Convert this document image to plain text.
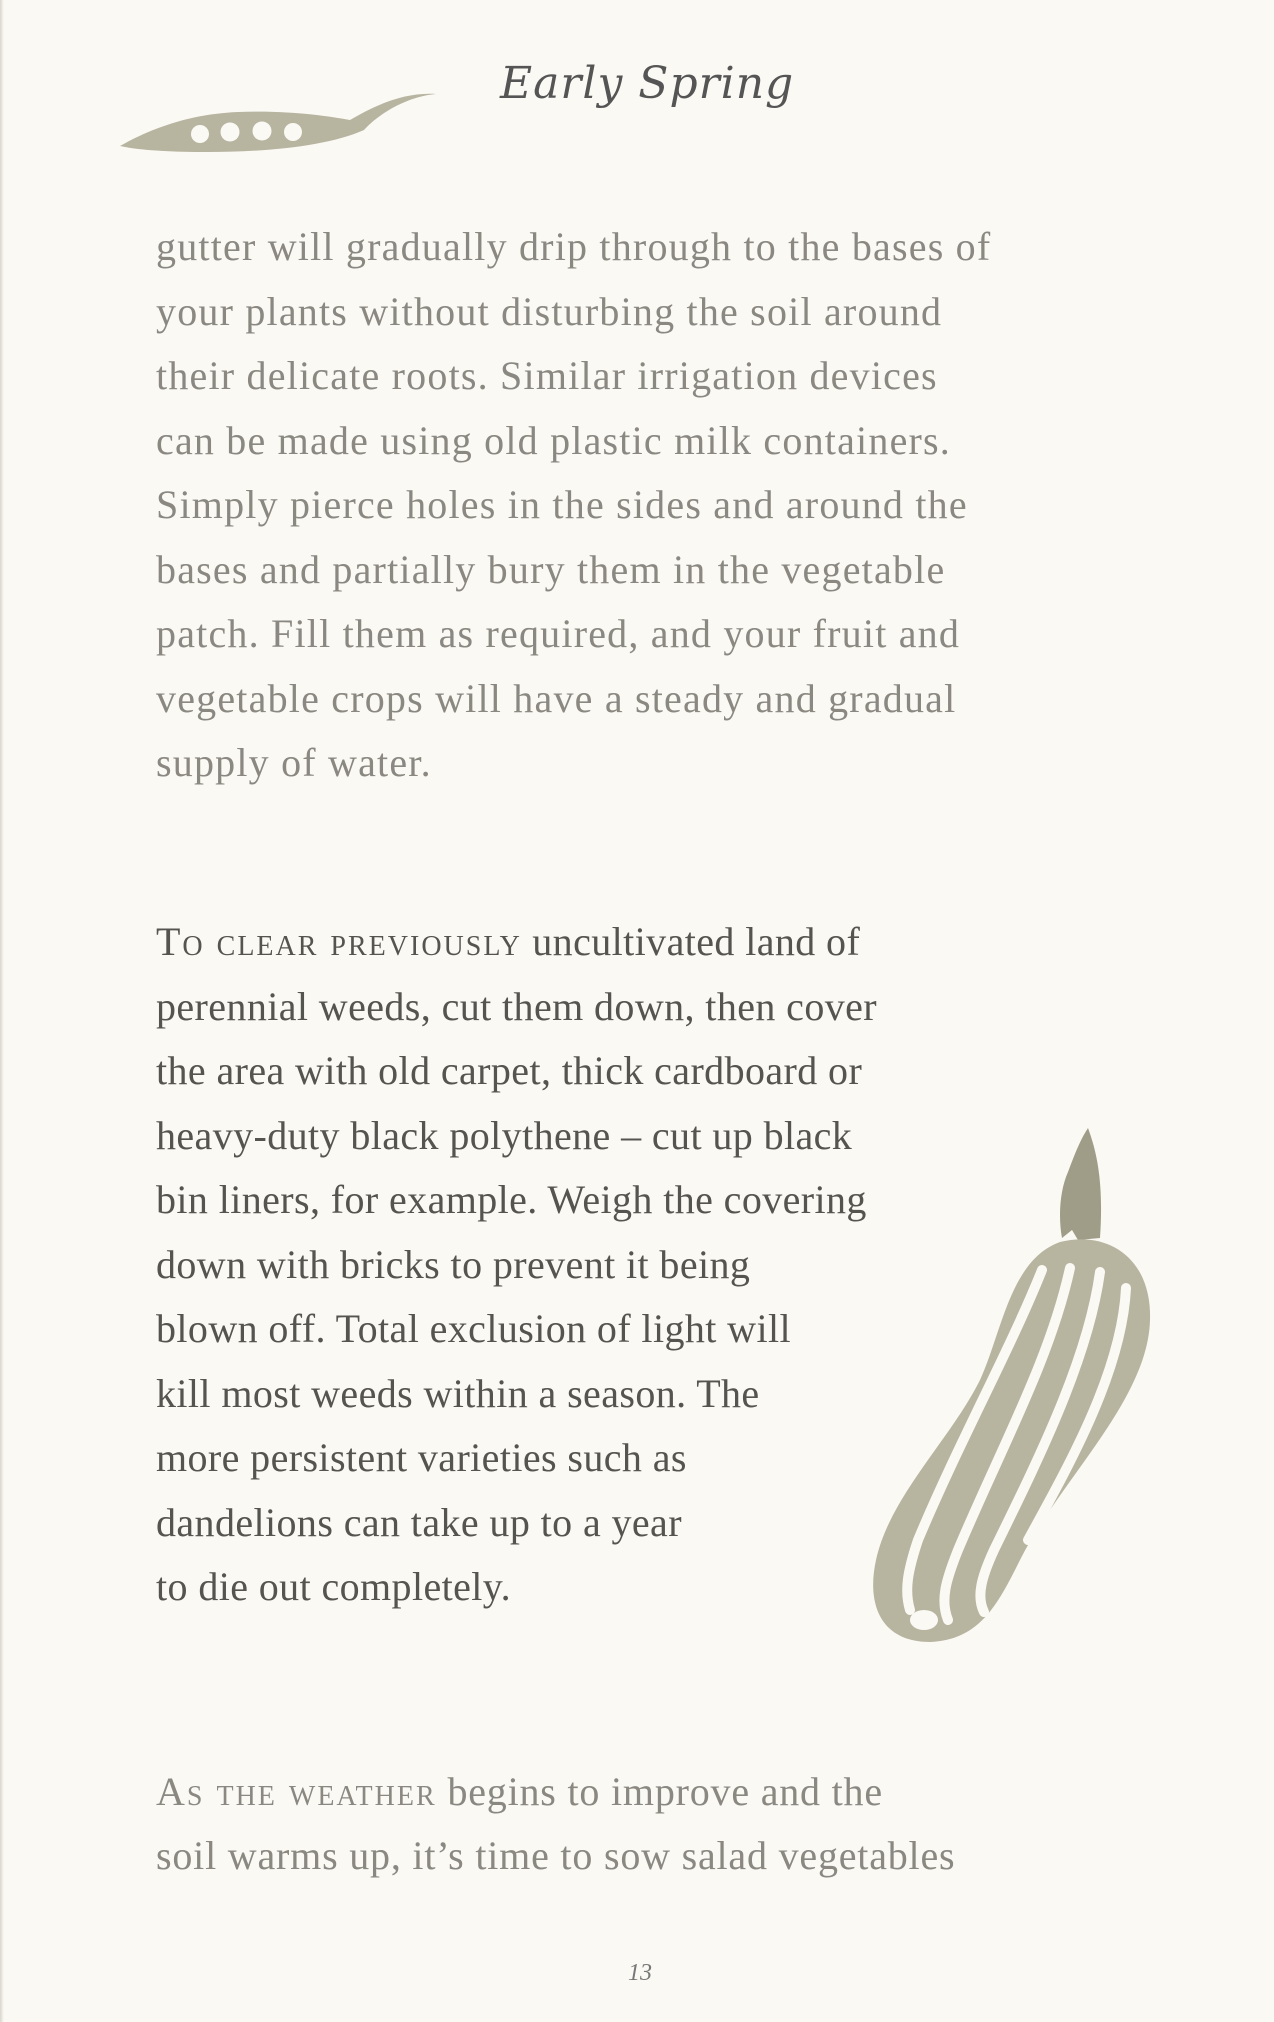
Early Spring

gutter will gradually drip through to the bases of
your plants without disturbing the soil around
their delicate roots. Similar irrigation devices
can be made using old plastic milk containers.
Simply pierce holes in the sides and around the
bases and partially bury them in the vegetable
patch. Fill them as required, and your fruit and
vegetable crops will have a steady and gradual
supply of water.

To clear previously uncultivated land of
perennial weeds, cut them down, then cover
the area with old carpet, thick cardboard or
heavy-duty black polythene – cut up black
bin liners, for example. Weigh the covering
down with bricks to prevent it being
blown off. Total exclusion of light will
kill most weeds within a season. The
more persistent varieties such as
dandelions can take up to a year
to die out completely.

As the weather begins to improve and the
soil warms up, it’s time to sow salad vegetables

13
